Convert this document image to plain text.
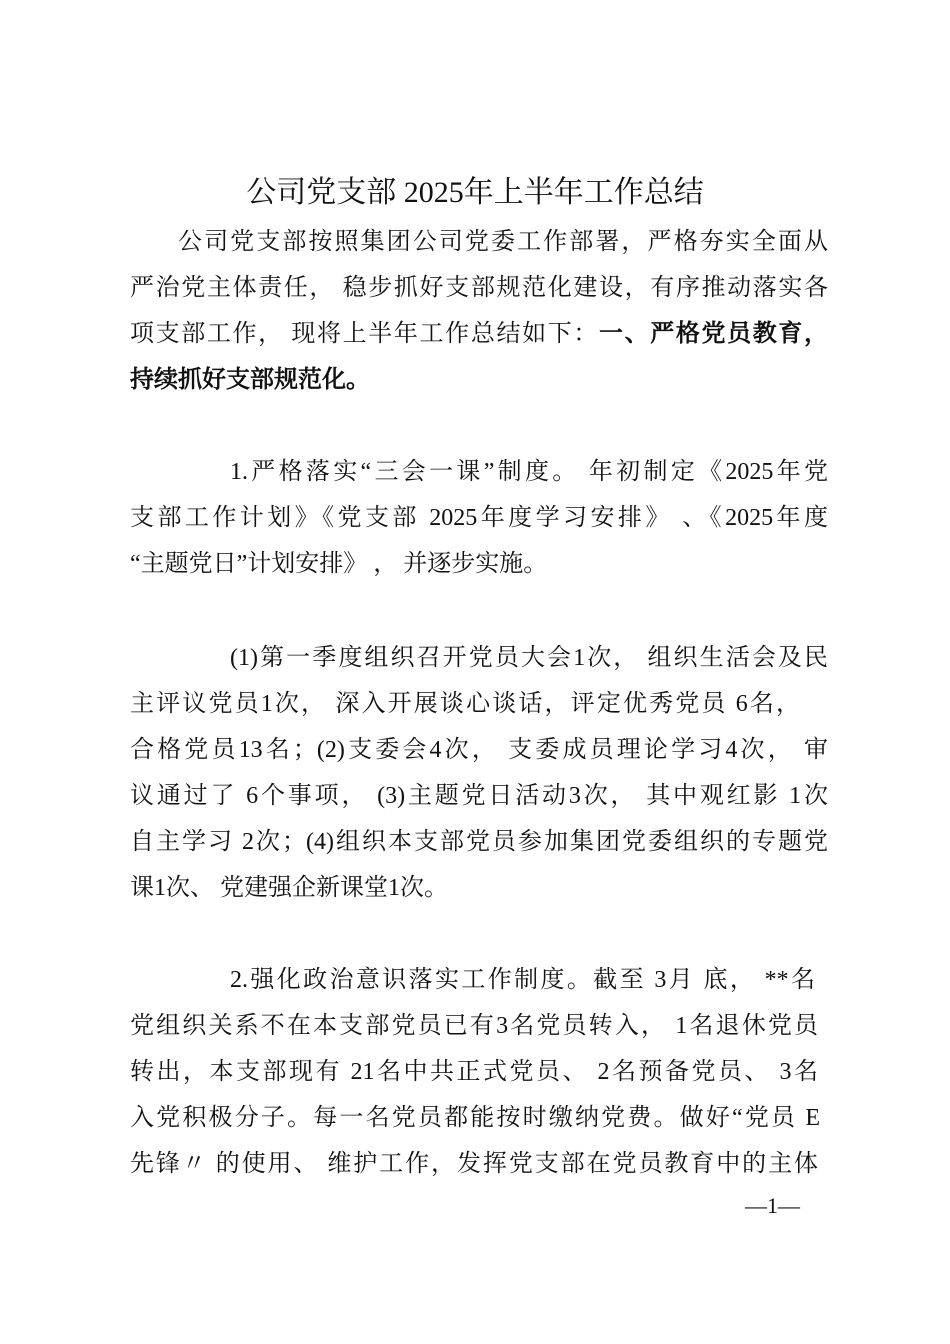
公司党支部 2025年上半年工作总结
公司党支部按照集团公司党委工作部署，严格夯实全面从
严治党主体责任， 稳步抓好支部规范化建设，有序推动落实各
项支部工作， 现将上半年工作总结如下：一、严格党员教育，
持续抓好支部规范化。
1.严格落实“三会一课”制度。 年初制定《2025年党
支部工作计划》《党支部 2025年度学习安排》 、《2025年度
“主题党日”计划安排》 ， 并逐步实施。
(1)第一季度组织召开党员大会1次， 组织生活会及民
主评议党员1次， 深入开展谈心谈话，评定优秀党员 6名，
合格党员13名；(2)支委会4次， 支委成员理论学习4次， 审
议通过了 6个事项， (3)主题党日活动3次， 其中观红影 1次
自主学习 2次；(4)组织本支部党员参加集团党委组织的专题党
课1次、 党建强企新课堂1次。
2.强化政治意识落实工作制度。截至 3月 底， **名
党组织关系不在本支部党员已有3名党员转入， 1名退休党员
转出，本支部现有 21名中共正式党员、 2名预备党员、 3名
入党积极分子。每一名党员都能按时缴纳党费。做好“党员 E
先锋〃 的使用、 维护工作，发挥党支部在党员教育中的主体
—1—
